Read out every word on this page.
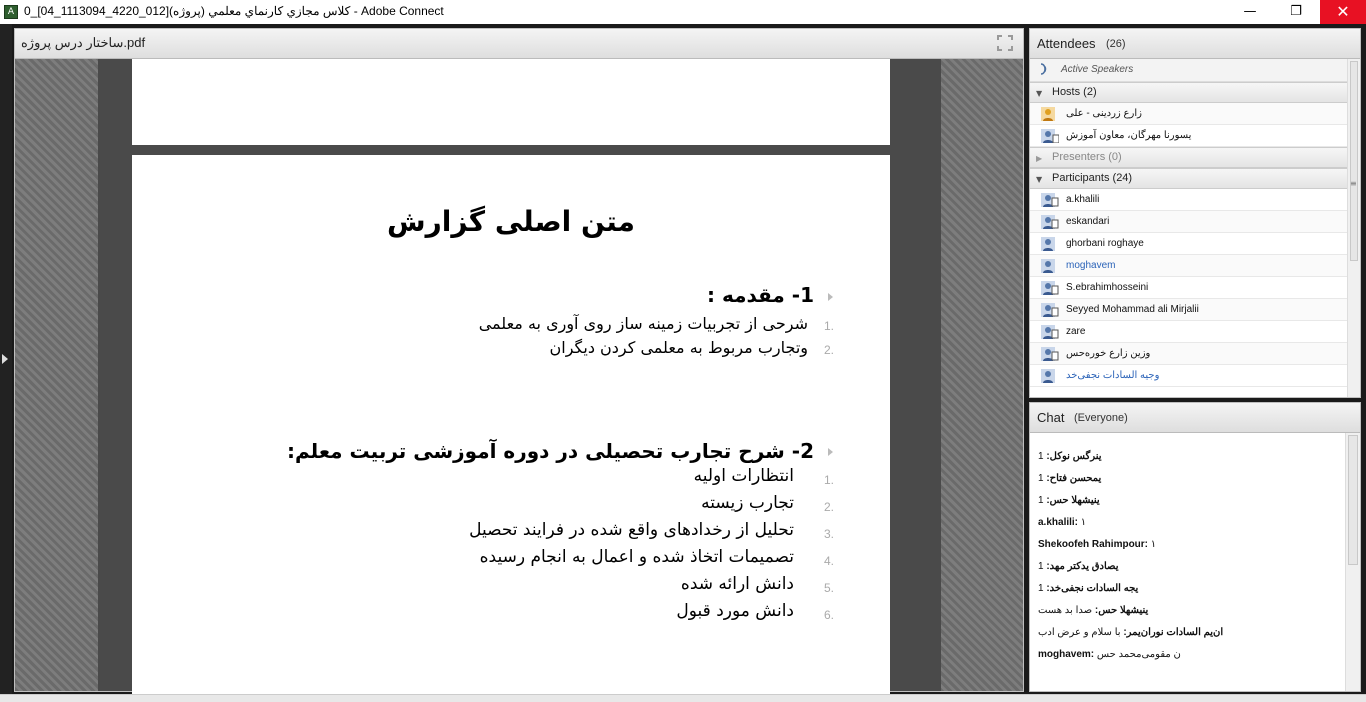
A 0_[04_1113094_4220_012]كلاس مجازي كارنماي معلمي (پروژه) - Adobe Connect	—	❐	✕
ساختار درس پروژه.pdf
متن اصلی گزارش
1- مقدمه :
1.
شرحی از تجربیات زمینه ساز روی آوری به معلمی
2.
وتجارب مربوط به معلمی کردن دیگران
2- شرح تجارب تحصیلی در دوره آموزشی تربیت معلم:
1.
انتظارات اولیه
2.
تجارب زیسته
3.
تحلیل از رخدادهای واقع شده در فرایند تحصیل
4.
تصمیمات اتخاذ شده و اعمال به انجام رسیده
5.
دانش ارائه شده
6.
دانش مورد قبول
Attendees (26)
Active Speakers
▼ Hosts (2)
زارع زردینی - علی
یسورنا مهرگان، معاون آموزش
▶ Presenters (0)
▼ Participants (24)
a.khalili
eskandari
ghorbani roghaye
moghavem
S.ebrahimhosseini
Seyyed Mohammad ali Mirjalii
zare
وزين زارع خوره‌حس
وجیه السادات نجفی‌خد
≡
Chat (Everyone)
ینرگس نوکل: 1
یمحسن فتاح: 1
ینیشهلا حس: 1
a.khalili: ۱
Shekoofeh Rahimpour: ۱
یصادق یدکتر مهد: 1
یجه السادات نجفی‌خد: 1
ینیشهلا حس: صدا بد هست
ان‌یم السادات نوران‌یمر: با سلام و عرض ادب
moghavem: ن مقومی‌محمد حس
